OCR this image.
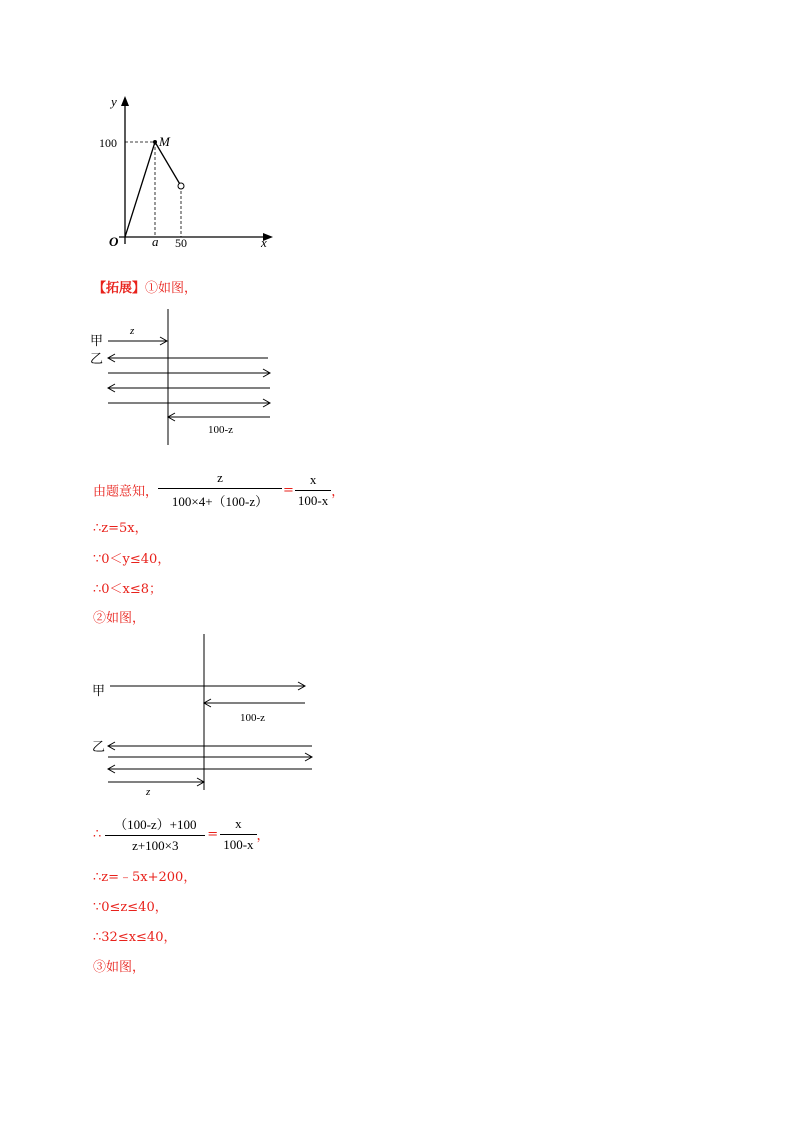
y
100	M
O	a 50	x
【拓展】①如图，
甲
乙
z
100-z
由题意知， $\frac{z}{100\times 4+(100-z)} = \frac{x}{100-x}$ ，
∴z=5x，
∵0＜y≤40，
∴0＜x≤8；
②如图，
甲
乙
100-z
z
∴ $\frac{(100-z)+100}{z+100\times 3} = \frac{x}{100-x}$ ，
∴z=﹣5x+200，
∵0≤z≤40，
∴32≤x≤40，
③如图，
